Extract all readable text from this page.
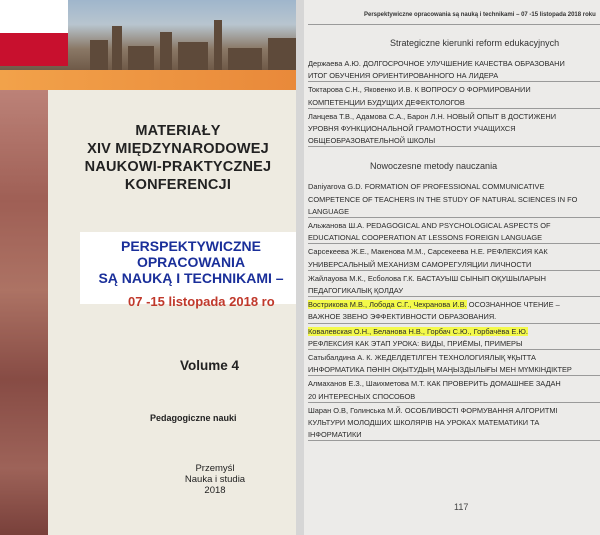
MATERIAŁY
XIV MIĘDZYNARODOWEJ
NAUKOWI-PRAKTYCZNEJ
KONFERENCJI
PERSPEKTYWICZNE
OPRACOWANIA
SĄ NAUKĄ I TECHNIKAMI –
07 -15 listopada 2018 ro
Volume 4
Pedagogiczne nauki
Przemyśl
Nauka i studia
2018
Perspektywiczne opracowania są nauką i technikami – 07 -15 listopada 2018 roku
117
Strategiczne kierunki reform edukacyjnych
Держаева А.Ю. ДОЛГОСРОЧНОЕ УЛУЧШЕНИЕ КАЧЕСТВА ОБРАЗОВАНИ
ИТОГ ОБУЧЕНИЯ ОРИЕНТИРОВАННОГО НА ЛИДЕРА
Токтарова С.Н., Яковенко И.В. К ВОПРОСУ О ФОРМИРОВАНИИ
КОМПЕТЕНЦИИ БУДУЩИХ ДЕФЕКТОЛОГОВ
Ланцева Т.В., Адамова С.А., Барон Л.Н. НОВЫЙ ОПЫТ В ДОСТИЖЕНИ
УРОВНЯ ФУНКЦИОНАЛЬНОЙ ГРАМОТНОСТИ УЧАЩИХСЯ
ОБЩЕОБРАЗОВАТЕЛЬНОЙ ШКОЛЫ
Nowoczesne metody nauczania
Daniyarova G.D. FORMATION OF PROFESSIONAL COMMUNICATIVE
COMPETENCE OF TEACHERS IN THE STUDY OF NATURAL SCIENCES IN FO
LANGUAGE
Альжанова Ш.А. PEDAGOGICAL AND PSYCHOLOGICAL ASPECTS OF
EDUCATIONAL COOPERATION AT LESSONS FOREIGN LANGUAGE
Сарсекеева Ж.Е., Макенова М.М., Сарсекеева Н.Е. РЕФЛЕКСИЯ КАК
УНИВЕРСАЛЬНЫЙ МЕХАНИЗМ САМОРЕГУЛЯЦИИ ЛИЧНОСТИ
Жайлауова М.К., Есболова Г.К. БАСТАУЫШ СЫНЫП ОҚУШЫЛАРЫН
ПЕДАГОГИКАЛЫҚ ҚОЛДАУ
Вострикова М.В., Лобода С.Г., Чехранова И.В. ОСОЗНАННОЕ ЧТЕНИЕ –
ВАЖНОЕ ЗВЕНО ЭФФЕКТИВНОСТИ ОБРАЗОВАНИЯ.
Ковалевская О.Н., Беланова Н.В., Горбач С.Ю., Горбачёва Е.Ю.
РЕФЛЕКСИЯ КАК ЭТАП УРОКА: ВИДЫ, ПРИЁМЫ, ПРИМЕРЫ
Сатыбалдина А. К. ЖЕДЕЛДЕТІЛГЕН ТЕХНОЛОГИЯЛЫҚ ҰҚЫТТА
ИНФОРМАТИКА ПӘНІН ОҚЫТУДЫҢ МАҢЫЗДЫЛЫҒЫ МЕН МҮМКІНДІКТЕР
Алмаханов Е.З., Шаихметова М.Т. КАК ПРОВЕРИТЬ ДОМАШНЕЕ ЗАДАН
20 ИНТЕРЕСНЫХ СПОСОБОВ
Шаран О.В, Голинська М.Й. ОСОБЛИВОСТІ ФОРМУВАННЯ АЛГОРИТМІ
КУЛЬТУРИ МОЛОДШИХ ШКОЛЯРІВ НА УРОКАХ МАТЕМАТИКИ ТА
ІНФОРМАТИКИ
